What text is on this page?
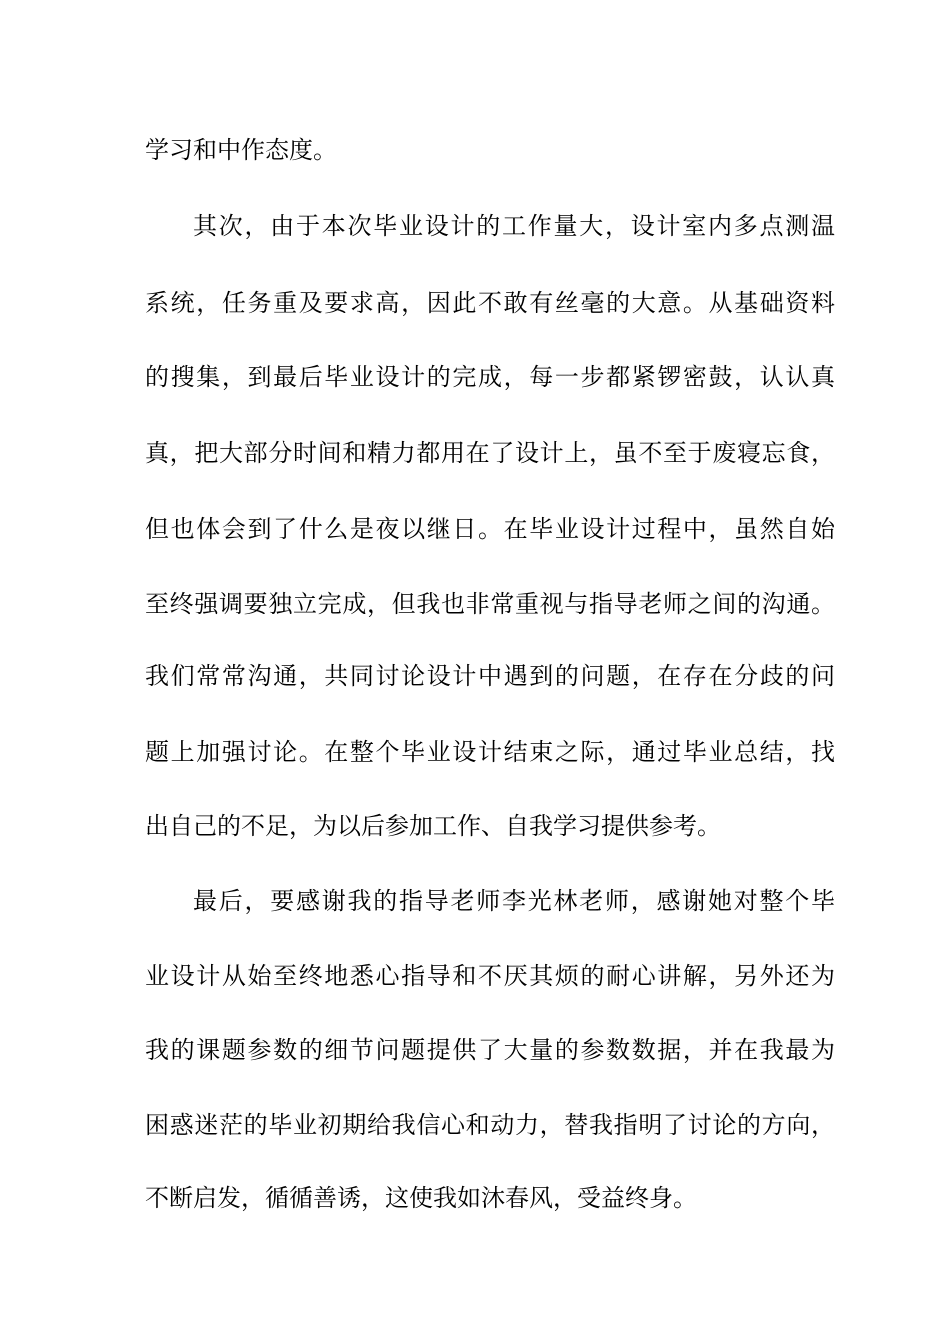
学习和中作态度。
其次，由于本次毕业设计的工作量大，设计室内多点测温
系统，任务重及要求高，因此不敢有丝毫的大意。从基础资料
的搜集，到最后毕业设计的完成，每一步都紧锣密鼓，认认真
真，把大部分时间和精力都用在了设计上，虽不至于废寝忘食，
但也体会到了什么是夜以继日。在毕业设计过程中，虽然自始
至终强调要独立完成，但我也非常重视与指导老师之间的沟通。
我们常常沟通，共同讨论设计中遇到的问题，在存在分歧的问
题上加强讨论。在整个毕业设计结束之际，通过毕业总结，找
出自己的不足，为以后参加工作、自我学习提供参考。
最后，要感谢我的指导老师李光林老师，感谢她对整个毕
业设计从始至终地悉心指导和不厌其烦的耐心讲解，另外还为
我的课题参数的细节问题提供了大量的参数数据，并在我最为
困惑迷茫的毕业初期给我信心和动力，替我指明了讨论的方向，
不断启发，循循善诱，这使我如沐春风，受益终身。
